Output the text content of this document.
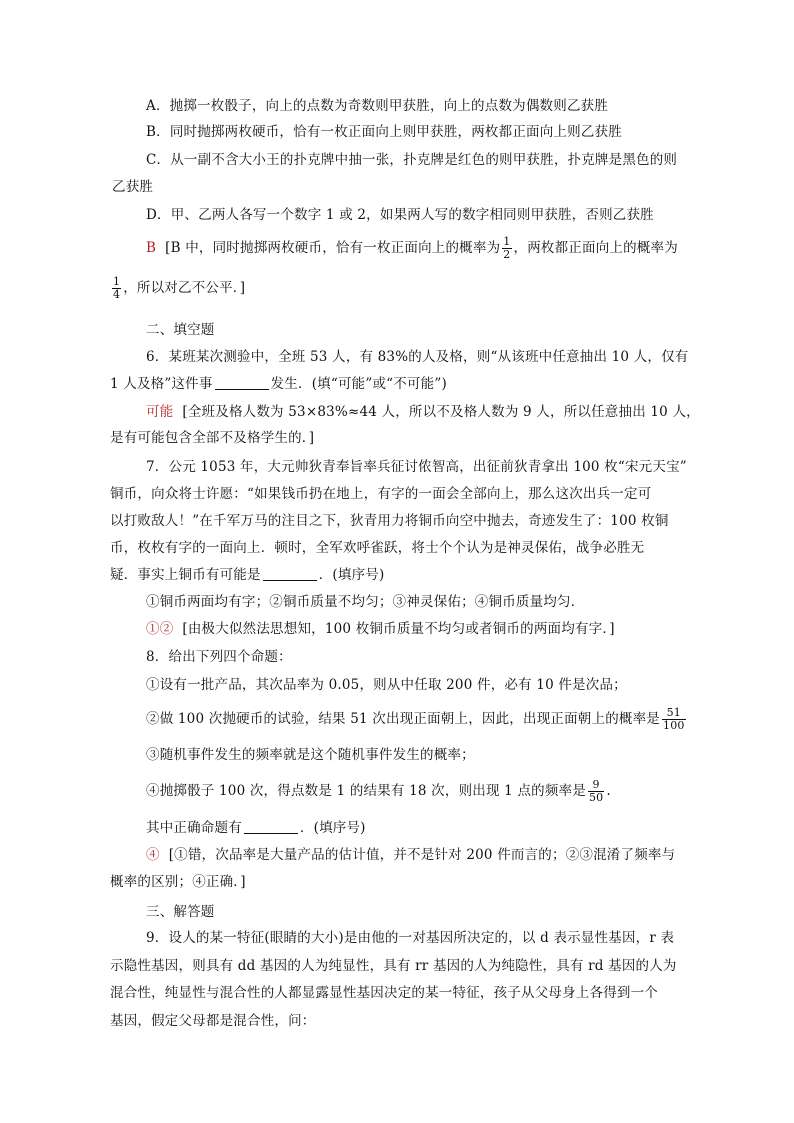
A．抛掷一枚骰子，向上的点数为奇数则甲获胜，向上的点数为偶数则乙获胜
B．同时抛掷两枚硬币，恰有一枚正面向上则甲获胜，两枚都正面向上则乙获胜
C．从一副不含大小王的扑克牌中抽一张，扑克牌是红色的则甲获胜，扑克牌是黑色的则
乙获胜
D．甲、乙两人各写一个数字 1 或 2，如果两人写的数字相同则甲获胜，否则乙获胜
B [B 中，同时抛掷两枚硬币，恰有一枚正面向上的概率为 $\frac{1}{2}$ ，两枚都正面向上的概率为
$\frac{1}{4}$ ，所以对乙不公平．]
二、填空题
6．某班某次测验中，全班 53 人，有 83%的人及格，则“从该班中任意抽出 10 人，仅有
1 人及格”这件事	发生．(填“可能”或“不可能”)
可能 [全班及格人数为 53×83%≈44 人，所以不及格人数为 9 人，所以任意抽出 10 人，
是有可能包含全部不及格学生的．]
7．公元 1053 年，大元帅狄青奉旨率兵征讨侬智高，出征前狄青拿出 100 枚“宋元天宝”
铜币，向众将士许愿：“如果钱币扔在地上，有字的一面会全部向上，那么这次出兵一定可
以打败敌人！”在千军万马的注目之下，狄青用力将铜币向空中抛去，奇迹发生了：100 枚铜
币，枚枚有字的一面向上．顿时，全军欢呼雀跃，将士个个认为是神灵保佑，战争必胜无
疑．事实上铜币有可能是	．(填序号)
①铜币两面均有字；②铜币质量不均匀；③神灵保佑；④铜币质量均匀．
①② [由极大似然法思想知，100 枚铜币质量不均匀或者铜币的两面均有字．]
8．给出下列四个命题：
①设有一批产品，其次品率为 0.05，则从中任取 200 件，必有 10 件是次品；
②做 100 次抛硬币的试验，结果 51 次出现正面朝上，因此，出现正面朝上的概率是 $\frac{51}{100}$
③随机事件发生的频率就是这个随机事件发生的概率；
④抛掷骰子 100 次，得点数是 1 的结果有 18 次，则出现 1 点的频率是 $\frac{9}{50}$ .
其中正确命题有	．(填序号)
④ [①错，次品率是大量产品的估计值，并不是针对 200 件而言的；②③混淆了频率与
概率的区别；④正确．]
三、解答题
9．设人的某一特征(眼睛的大小)是由他的一对基因所决定的，以 d 表示显性基因，r 表
示隐性基因，则具有 dd 基因的人为纯显性，具有 rr 基因的人为纯隐性，具有 rd 基因的人为
混合性，纯显性与混合性的人都显露显性基因决定的某一特征，孩子从父母身上各得到一个
基因，假定父母都是混合性，问：
